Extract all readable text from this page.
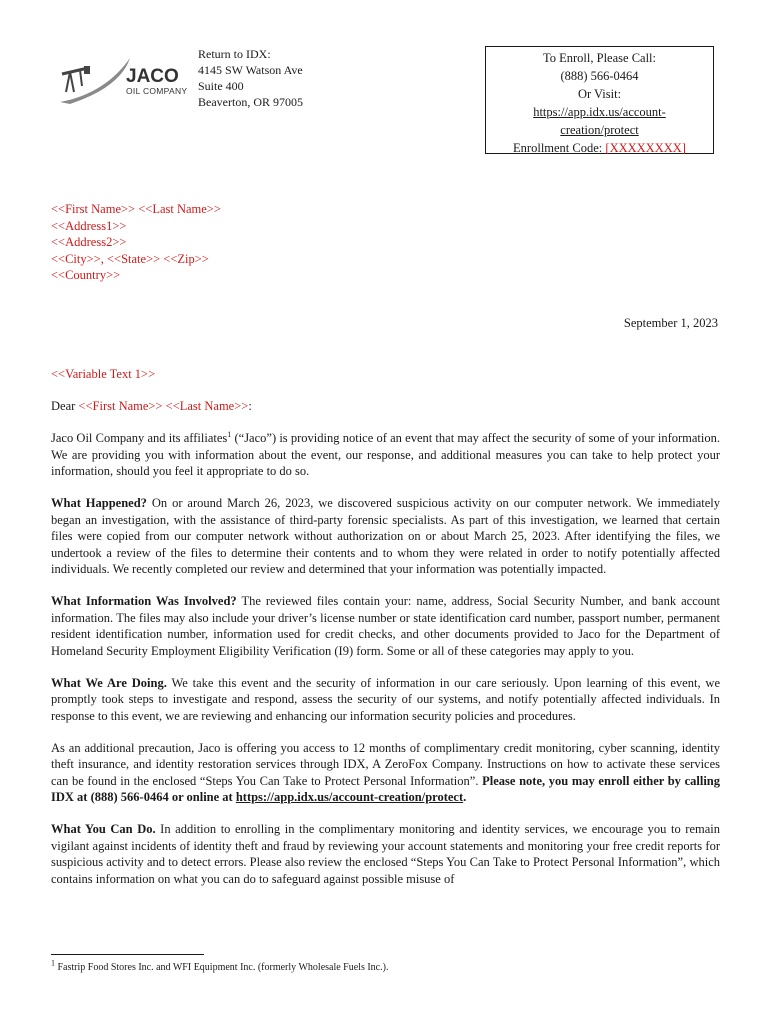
JACO
OIL COMPANY
Return to IDX:
4145 SW Watson Ave
Suite 400
Beaverton, OR 97005
To Enroll, Please Call:
(888) 566-0464
Or Visit:
https://app.idx.us/account-
creation/protect
Enrollment Code: [XXXXXXXX]
<<First Name>> <<Last Name>>
<<Address1>>
<<Address2>>
<<City>>, <<State>> <<Zip>>
<<Country>>
September 1, 2023

<<Variable Text 1>>

Dear <<First Name>> <<Last Name>>:

Jaco Oil Company and its affiliates$^1$ (“Jaco”) is providing notice of an event that may affect the security of some of your information. We are providing you with information about the event, our response, and additional measures you can take to help protect your information, should you feel it appropriate to do so.

What Happened? On or around March 26, 2023, we discovered suspicious activity on our computer network. We immediately began an investigation, with the assistance of third-party forensic specialists. As part of this investigation, we learned that certain files were copied from our computer network without authorization on or about March 25, 2023. After identifying the files, we undertook a review of the files to determine their contents and to whom they were related in order to notify potentially affected individuals. We recently completed our review and determined that your information was potentially impacted.

What Information Was Involved? The reviewed files contain your: name, address, Social Security Number, and bank account information. The files may also include your driver’s license number or state identification card number, passport number, permanent resident identification number, information used for credit checks, and other documents provided to Jaco for the Department of Homeland Security Employment Eligibility Verification (I9) form. Some or all of these categories may apply to you.

What We Are Doing. We take this event and the security of information in our care seriously. Upon learning of this event, we promptly took steps to investigate and respond, assess the security of our systems, and notify potentially affected individuals. In response to this event, we are reviewing and enhancing our information security policies and procedures.

As an additional precaution, Jaco is offering you access to 12 months of complimentary credit monitoring, cyber scanning, identity theft insurance, and identity restoration services through IDX, A ZeroFox Company. Instructions on how to activate these services can be found in the enclosed “Steps You Can Take to Protect Personal Information”. Please note, you may enroll either by calling IDX at (888) 566-0464 or online at https://app.idx.us/account-creation/protect.

What You Can Do. In addition to enrolling in the complimentary monitoring and identity services, we encourage you to remain vigilant against incidents of identity theft and fraud by reviewing your account statements and monitoring your free credit reports for suspicious activity and to detect errors. Please also review the enclosed “Steps You Can Take to Protect Personal Information”, which contains information on what you can do to safeguard against possible misuse of

$^1$ Fastrip Food Stores Inc. and WFI Equipment Inc. (formerly Wholesale Fuels Inc.).
